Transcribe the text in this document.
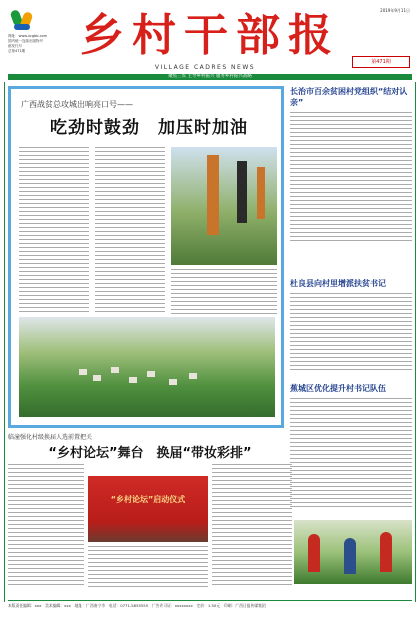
网址：www.xcgbb.com
国内统一连续出版物号
邮发代号
总第471期	乡村干部报
VILLAGE CADRES NEWS
2019年9月11日
第471期
聚焦三农 主导乡村振兴 服务乡村振兴战略
广西战贫总攻城出响亮口号——
吃劲时鼓劲　加压时加油
长治市百余贫困村党组织“结对认亲”
杜良县向村里增派扶贫书记
蕉城区优化提升村书记队伍
临潼强化村级换届人选前置把关
“乡村论坛”舞台　换届“带妆彩排”
“乡村论坛”启动仪式
本版责任编辑：xxx　美术编辑：xxx　地址：广西南宁市　电话：0771-5855555　广告许可证：xxxxxxxx　定价：1.50元　印刷：广西日报传媒集团
